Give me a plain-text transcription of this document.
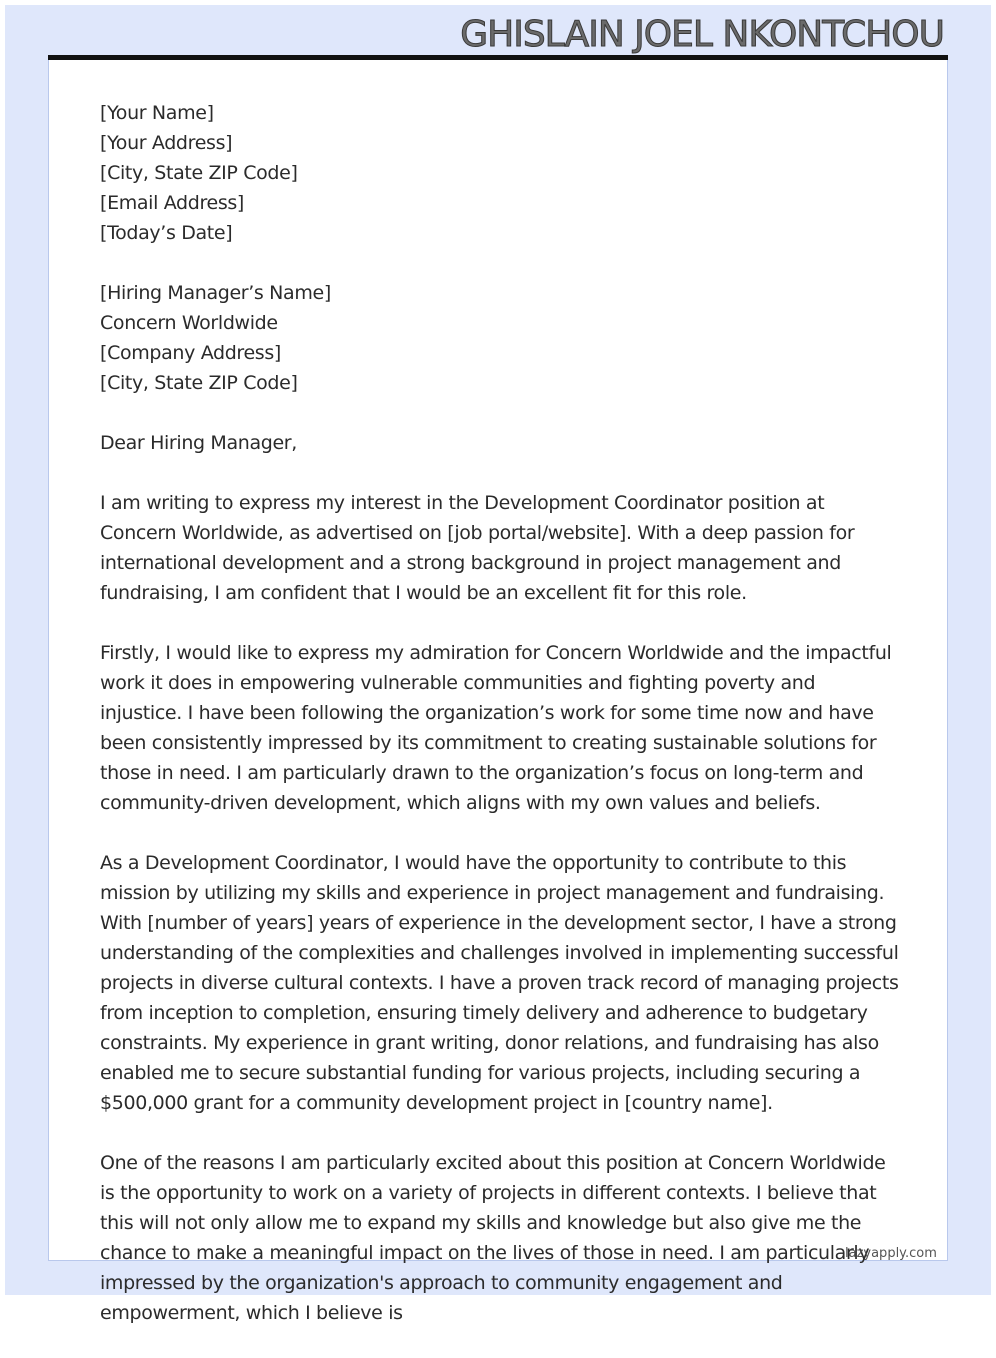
GHISLAIN JOEL NKONTCHOU
[Your Name]
[Your Address]
[City, State ZIP Code]
[Email Address]
[Today’s Date]
[Hiring Manager’s Name]
Concern Worldwide
[Company Address]
[City, State ZIP Code]

Dear Hiring Manager,

I am writing to express my interest in the Development Coordinator position at Concern Worldwide, as advertised on [job portal/website]. With a deep passion for international development and a strong background in project management and fundraising, I am confident that I would be an excellent fit for this role.

Firstly, I would like to express my admiration for Concern Worldwide and the impactful work it does in empowering vulnerable communities and fighting poverty and injustice. I have been following the organization’s work for some time now and have been consistently impressed by its commitment to creating sustainable solutions for those in need. I am particularly drawn to the organization’s focus on long-term and community-driven development, which aligns with my own values and beliefs.

As a Development Coordinator, I would have the opportunity to contribute to this mission by utilizing my skills and experience in project management and fundraising. With [number of years] years of experience in the development sector, I have a strong understanding of the complexities and challenges involved in implementing successful projects in diverse cultural contexts. I have a proven track record of managing projects from inception to completion, ensuring timely delivery and adherence to budgetary constraints. My experience in grant writing, donor relations, and fundraising has also enabled me to secure substantial funding for various projects, including securing a $500,000 grant for a community development project in [country name].

One of the reasons I am particularly excited about this position at Concern Worldwide is the opportunity to work on a variety of projects in different contexts. I believe that this will not only allow me to expand my skills and knowledge but also give me the chance to make a meaningful impact on the lives of those in need. I am particularly impressed by the organization's approach to community engagement and empowerment, which I believe is

lazyapply.com
